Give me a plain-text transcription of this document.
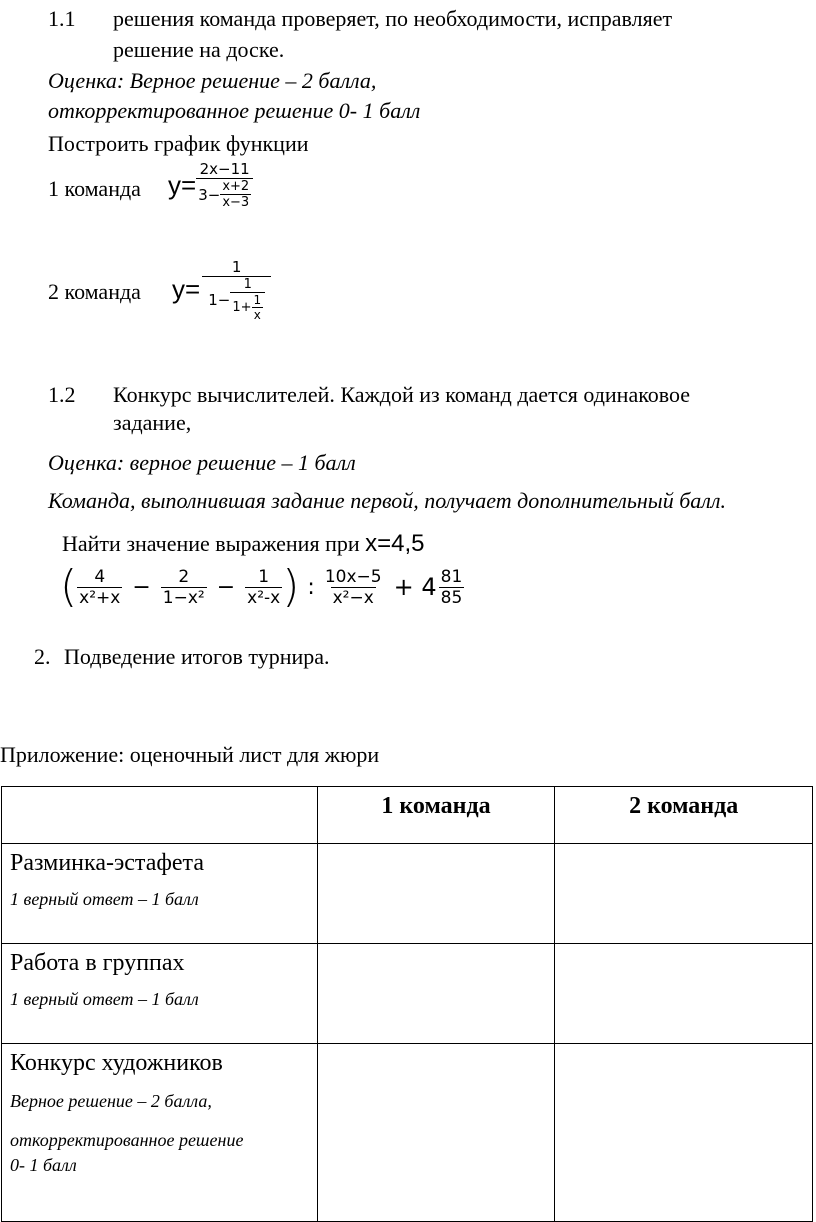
1.1 решения команда проверяет, по необходимости, исправляет
решение на доске.
Оценка: Верное решение – 2 балла,
откорректированное решение 0- 1 балл
Построить график функции
1 команда $y= \frac{2x-11}{3- \frac{x+2}{x-3}}$
2 команда y=
1
$1- \frac{1}{1+ \frac{1}{x}}$
1.2 Конкурс вычислителей. Каждой из команд дается одинаковое
задание,
Оценка: верное решение – 1 балл
Команда, выполнившая задание первой, получает дополнительный балл.
Найти значение выражения при x=4,5
( $\frac{4}{\text{x²+x}} - \frac{2}{\text{1−x²}} - \frac{1}{\text{x²-x}}$ ) : $\frac{10x-5}{\text{x²−x}} + 4 \frac{81}{85}$
2. Подведение итогов турнира.
Приложение: оценочный лист для жюри
	1 команда	2 команда

Разминка-эстафета
1 верный ответ – 1 балл		

Работа в группах
1 верный ответ – 1 балл		

Конкурс художников
Верное решение – 2 балла,
откорректированное решение
0- 1 балл		
